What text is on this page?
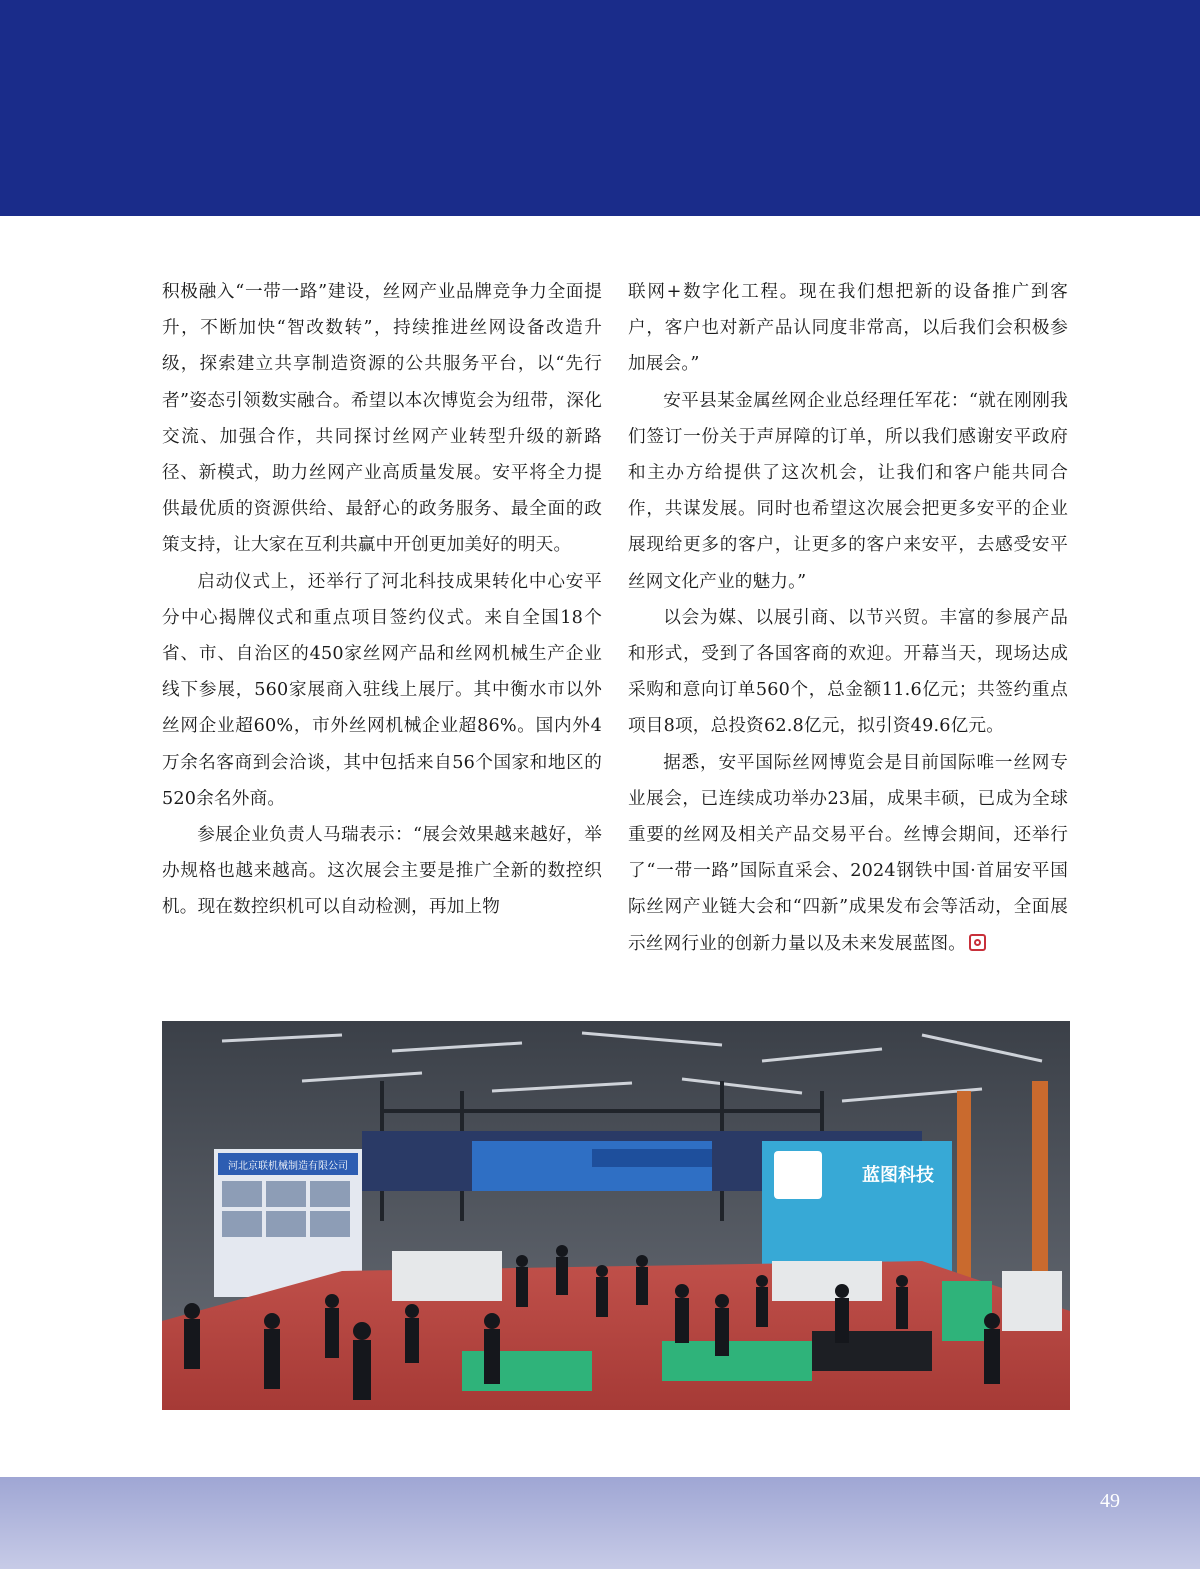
积极融入“一带一路”建设，丝网产业品牌竞争力全面提升，不断加快“智改数转”，持续推进丝网设备改造升级，探索建立共享制造资源的公共服务平台，以“先行者”姿态引领数实融合。希望以本次博览会为纽带，深化交流、加强合作，共同探讨丝网产业转型升级的新路径、新模式，助力丝网产业高质量发展。安平将全力提供最优质的资源供给、最舒心的政务服务、最全面的政策支持，让大家在互利共赢中开创更加美好的明天。

启动仪式上，还举行了河北科技成果转化中心安平分中心揭牌仪式和重点项目签约仪式。来自全国18个省、市、自治区的450家丝网产品和丝网机械生产企业线下参展，560家展商入驻线上展厅。其中衡水市以外丝网企业超60%，市外丝网机械企业超86%。国内外4万余名客商到会洽谈，其中包括来自56个国家和地区的520余名外商。

参展企业负责人马瑞表示：“展会效果越来越好，举办规格也越来越高。这次展会主要是推广全新的数控织机。现在数控织机可以自动检测，再加上物

联网+数字化工程。现在我们想把新的设备推广到客户，客户也对新产品认同度非常高，以后我们会积极参加展会。”

安平县某金属丝网企业总经理任军花：“就在刚刚我们签订一份关于声屏障的订单，所以我们感谢安平政府和主办方给提供了这次机会，让我们和客户能共同合作，共谋发展。同时也希望这次展会把更多安平的企业展现给更多的客户，让更多的客户来安平，去感受安平丝网文化产业的魅力。”

以会为媒、以展引商、以节兴贸。丰富的参展产品和形式，受到了各国客商的欢迎。开幕当天，现场达成采购和意向订单560个，总金额11.6亿元；共签约重点项目8项，总投资62.8亿元，拟引资49.6亿元。

据悉，安平国际丝网博览会是目前国际唯一丝网专业展会，已连续成功举办23届，成果丰硕，已成为全球重要的丝网及相关产品交易平台。丝博会期间，还举行了“一带一路”国际直采会、2024钢铁中国·首届安平国际丝网产业链大会和“四新”成果发布会等活动，全面展示丝网行业的创新力量以及未来发展蓝图。

河北京联机械制造有限公司	蓝图科技
49
